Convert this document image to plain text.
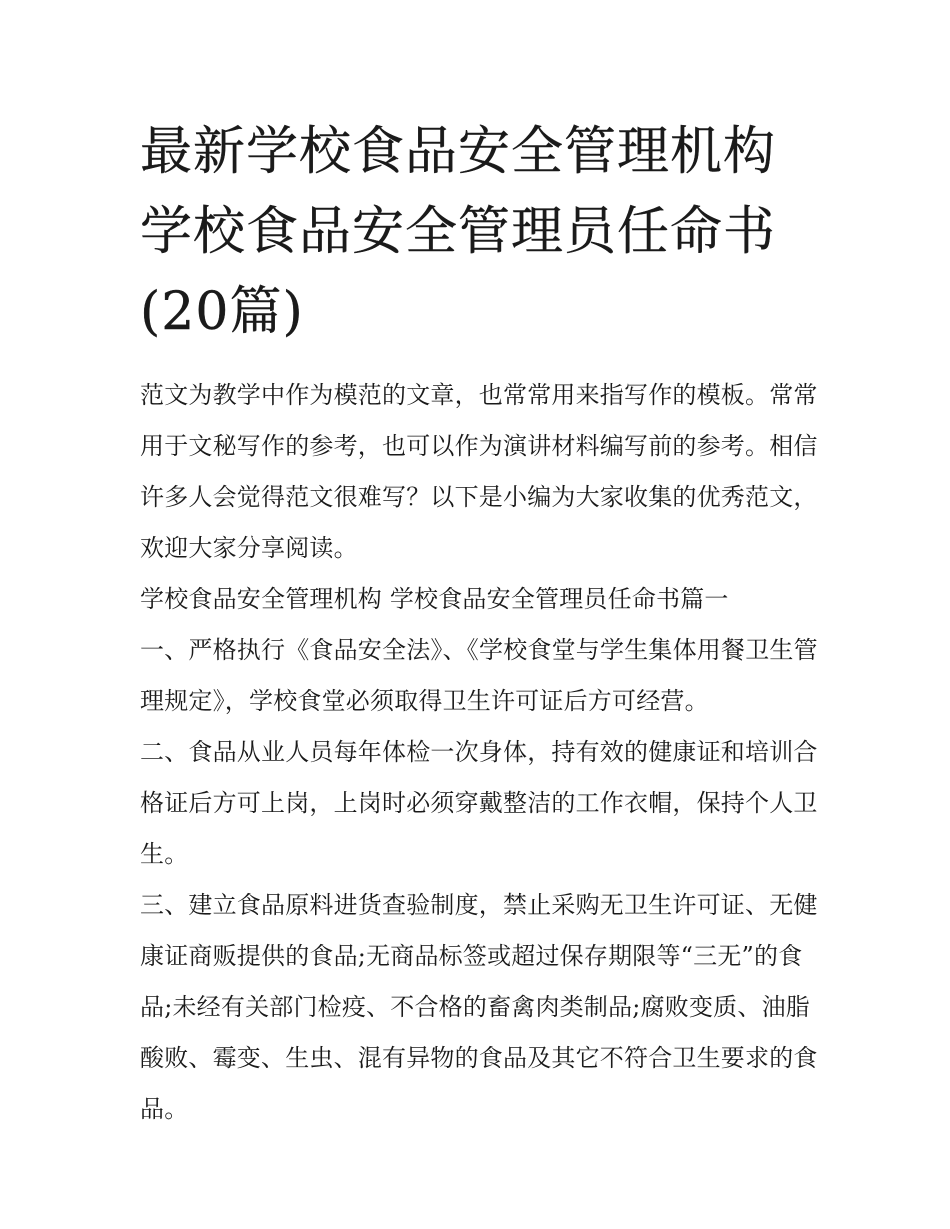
最新学校食品安全管理机构 学校食品安全管理员任命书(20篇)

范文为教学中作为模范的文章，也常常用来指写作的模板。常常用于文秘写作的参考，也可以作为演讲材料编写前的参考。相信许多人会觉得范文很难写？以下是小编为大家收集的优秀范文，欢迎大家分享阅读。

学校食品安全管理机构 学校食品安全管理员任命书篇一

一、严格执行《食品安全法》、《学校食堂与学生集体用餐卫生管理规定》，学校食堂必须取得卫生许可证后方可经营。

二、食品从业人员每年体检一次身体，持有效的健康证和培训合格证后方可上岗，上岗时必须穿戴整洁的工作衣帽，保持个人卫生。

三、建立食品原料进货查验制度，禁止采购无卫生许可证、无健康证商贩提供的食品;无商品标签或超过保存期限等“三无”的食品;未经有关部门检疫、不合格的畜禽肉类制品;腐败变质、油脂酸败、霉变、生虫、混有异物的食品及其它不符合卫生要求的食品。
